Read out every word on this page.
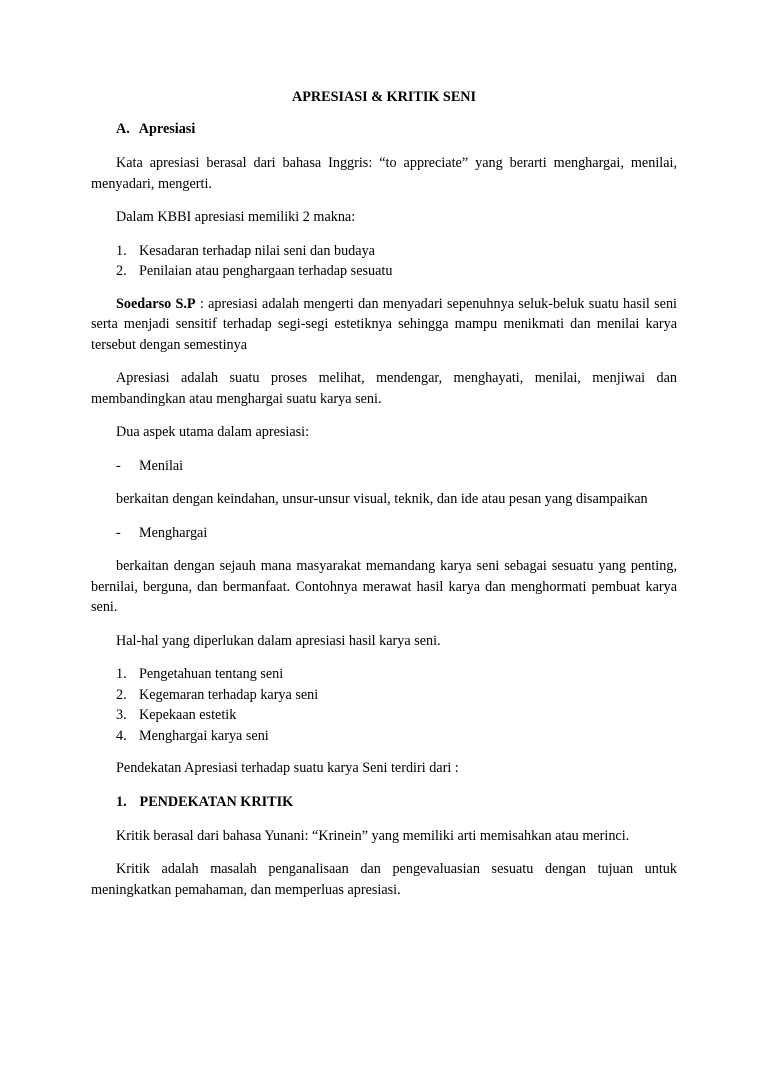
APRESIASI & KRITIK SENI
A. Apresiasi

Kata apresiasi berasal dari bahasa Inggris: “to appreciate” yang berarti menghargai, menilai, menyadari, mengerti.

Dalam KBBI apresiasi memiliki 2 makna:

1. Kesadaran terhadap nilai seni dan budaya
2. Penilaian atau penghargaan terhadap sesuatu

Soedarso S.P : apresiasi adalah mengerti dan menyadari sepenuhnya seluk-beluk suatu hasil seni serta menjadi sensitif terhadap segi-segi estetiknya sehingga mampu menikmati dan menilai karya tersebut dengan semestinya

Apresiasi adalah suatu proses melihat, mendengar, menghayati, menilai, menjiwai dan membandingkan atau menghargai suatu karya seni.

Dua aspek utama dalam apresiasi:

- Menilai

berkaitan dengan keindahan, unsur-unsur visual, teknik, dan ide atau pesan yang disampaikan

- Menghargai

berkaitan dengan sejauh mana masyarakat memandang karya seni sebagai sesuatu yang penting, bernilai, berguna, dan bermanfaat. Contohnya merawat hasil karya dan menghormati pembuat karya seni.

Hal-hal yang diperlukan dalam apresiasi hasil karya seni.

1. Pengetahuan tentang seni
2. Kegemaran terhadap karya seni
3. Kepekaan estetik
4. Menghargai karya seni

Pendekatan Apresiasi terhadap suatu karya Seni terdiri dari :

1. PENDEKATAN KRITIK

Kritik berasal dari bahasa Yunani: “Krinein” yang memiliki arti memisahkan atau merinci.

Kritik adalah masalah penganalisaan dan pengevaluasian sesuatu dengan tujuan untuk meningkatkan pemahaman, dan memperluas apresiasi.
